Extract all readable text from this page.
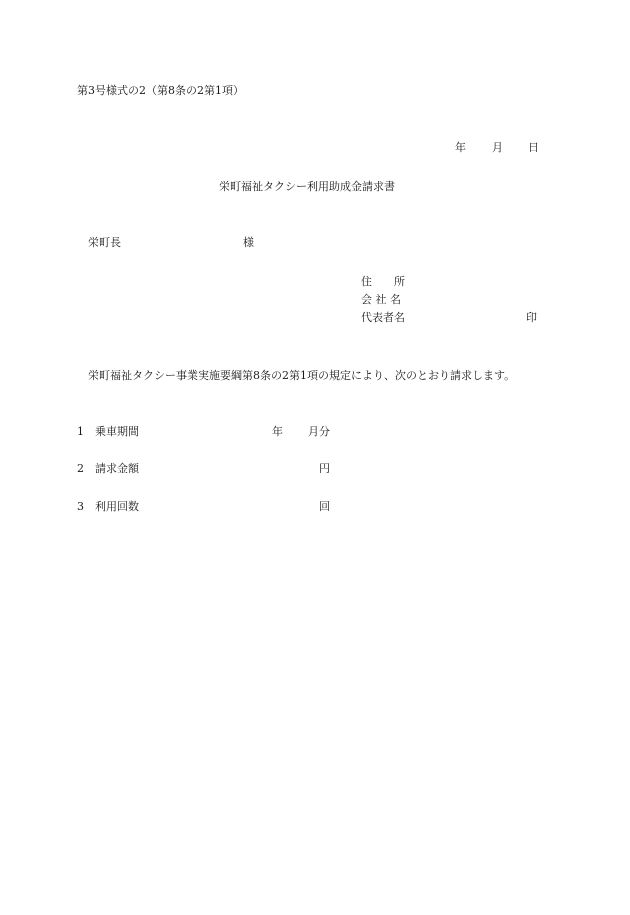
第3号様式の2（第8条の2第1項）
年 月 日
栄町福祉タクシー利用助成金請求書
栄町長	様
住　　所
会 社 名
代表者名	印
栄町福祉タクシー事業実施要綱第8条の2第1項の規定により、次のとおり請求します。
1 乗車期間	年 月分
2 請求金額	円
3 利用回数	回
